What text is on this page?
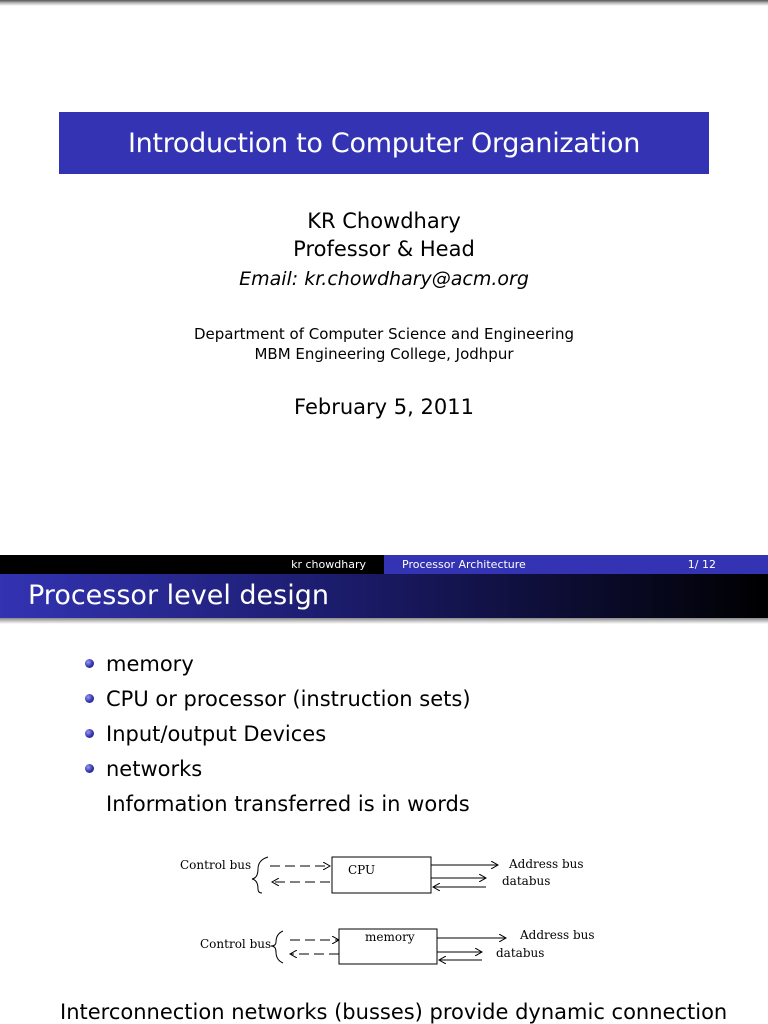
Introduction to Computer Organization
KR Chowdhary
Professor & Head
Email: kr.chowdhary@acm.org
Department of Computer Science and Engineering
MBM Engineering College, Jodhpur
February 5, 2011
kr chowdhary	Processor Architecture	1/ 12
Processor level design
memory
CPU or processor (instruction sets)
Input/output Devices
networks
Information transferred is in words
Control bus	CPU	Address bus
databus
Control bus	memory	Address bus
databus
Interconnection networks (busses) provide dynamic connection
